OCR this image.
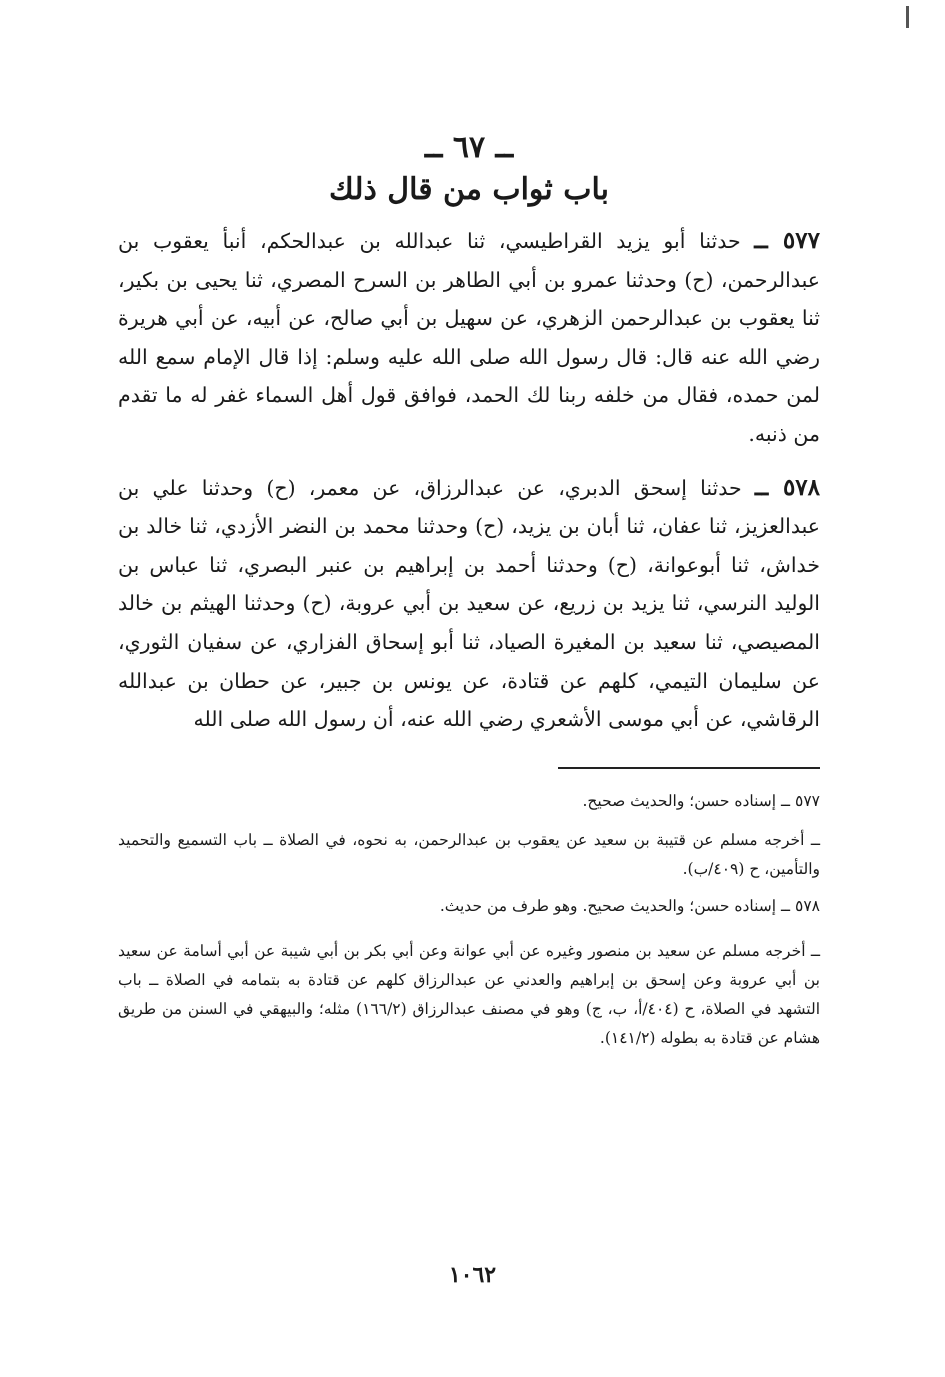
ــ ٦٧ ــ
باب ثواب من قال ذلك

٥٧٧ ــ حدثنا أبو يزيد القراطيسي، ثنا عبدالله بن عبدالحكم، أنبأ يعقوب بن عبدالرحمن، (ح) وحدثنا عمرو بن أبي الطاهر بن السرح المصري، ثنا يحيى بن بكير، ثنا يعقوب بن عبدالرحمن الزهري، عن سهيل بن أبي صالح، عن أبيه، عن أبي هريرة رضي الله عنه قال: قال رسول الله صلى الله عليه وسلم: إذا قال الإمام سمع الله لمن حمده، فقال من خلفه ربنا لك الحمد، فوافق قول أهل السماء غفر له ما تقدم من ذنبه.

٥٧٨ ــ حدثنا إسحق الدبري، عن عبدالرزاق، عن معمر، (ح) وحدثنا علي بن عبدالعزيز، ثنا عفان، ثنا أبان بن يزيد، (ح) وحدثنا محمد بن النضر الأزدي، ثنا خالد بن خداش، ثنا أبوعوانة، (ح) وحدثنا أحمد بن إبراهيم بن عنبر البصري، ثنا عباس بن الوليد النرسي، ثنا يزيد بن زريع، عن سعيد بن أبي عروبة، (ح) وحدثنا الهيثم بن خالد المصيصي، ثنا سعيد بن المغيرة الصياد، ثنا أبو إسحاق الفزاري، عن سفيان الثوري، عن سليمان التيمي، كلهم عن قتادة، عن يونس بن جبير، عن حطان بن عبدالله الرقاشي، عن أبي موسى الأشعري رضي الله عنه، أن رسول الله صلى الله

٥٧٧ ــ إسناده حسن؛ والحديث صحيح.

ــ أخرجه مسلم عن قتيبة بن سعيد عن يعقوب بن عبدالرحمن، به نحوه، في الصلاة ــ باب التسميع والتحميد والتأمين، ح (٤٠٩/ب).

٥٧٨ ــ إسناده حسن؛ والحديث صحيح. وهو طرف من حديث.

ــ أخرجه مسلم عن سعيد بن منصور وغيره عن أبي عوانة وعن أبي بكر بن أبي شيبة عن أبي أسامة عن سعيد بن أبي عروبة وعن إسحق بن إبراهيم والعدني عن عبدالرزاق كلهم عن قتادة به بتمامه في الصلاة ــ باب التشهد في الصلاة، ح (٤٠٤/أ، ب، ج) وهو في مصنف عبدالرزاق (١٦٦/٢) مثله؛ والبيهقي في السنن من طريق هشام عن قتادة به بطوله (١٤١/٢).

١٠٦٢
